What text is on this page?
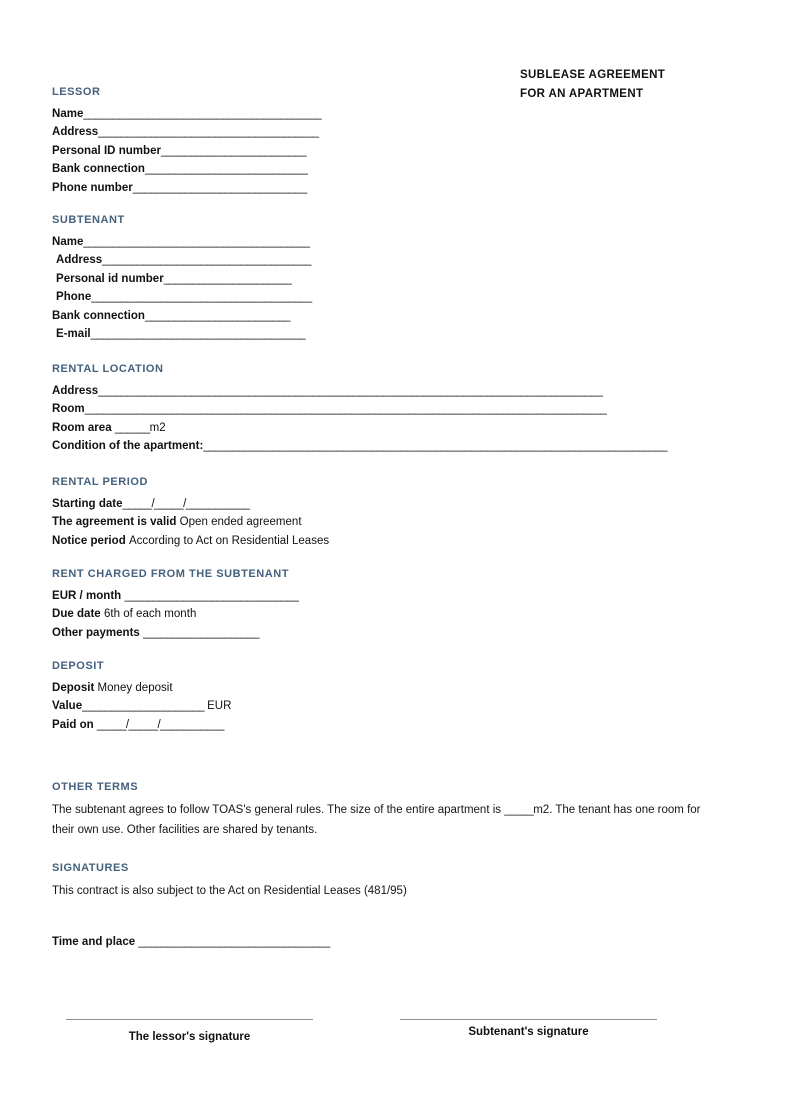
SUBLEASE AGREEMENT
FOR AN APARTMENT
LESSOR
Name_________________________________________
Address______________________________________
Personal ID number_________________________
Bank connection____________________________
Phone number______________________________
SUBTENANT
Name_______________________________________
Address____________________________________
Personal id number______________________
Phone______________________________________
Bank connection_________________________
E-mail_____________________________________
RENTAL LOCATION
Address_______________________________________________________________________________________
Room__________________________________________________________________________________________
Room area ______m2
Condition of the apartment:________________________________________________________________________________
RENTAL PERIOD
Starting date_____/_____/___________
The agreement is valid Open ended agreement
Notice period According to Act on Residential Leases
RENT CHARGED FROM THE SUBTENANT
EUR / month ______________________________
Due date 6th of each month
Other payments ____________________
DEPOSIT
Deposit Money deposit
Value_____________________ EUR
Paid on _____/_____/___________
OTHER TERMS
The subtenant agrees to follow TOAS's general rules. The size of the entire apartment is _____m2. The tenant has one room for their own use. Other facilities are shared by tenants.
SIGNATURES
This contract is also subject to the Act on Residential Leases (481/95)
Time and place _________________________________
The lessor's signature	Subtenant's signature
